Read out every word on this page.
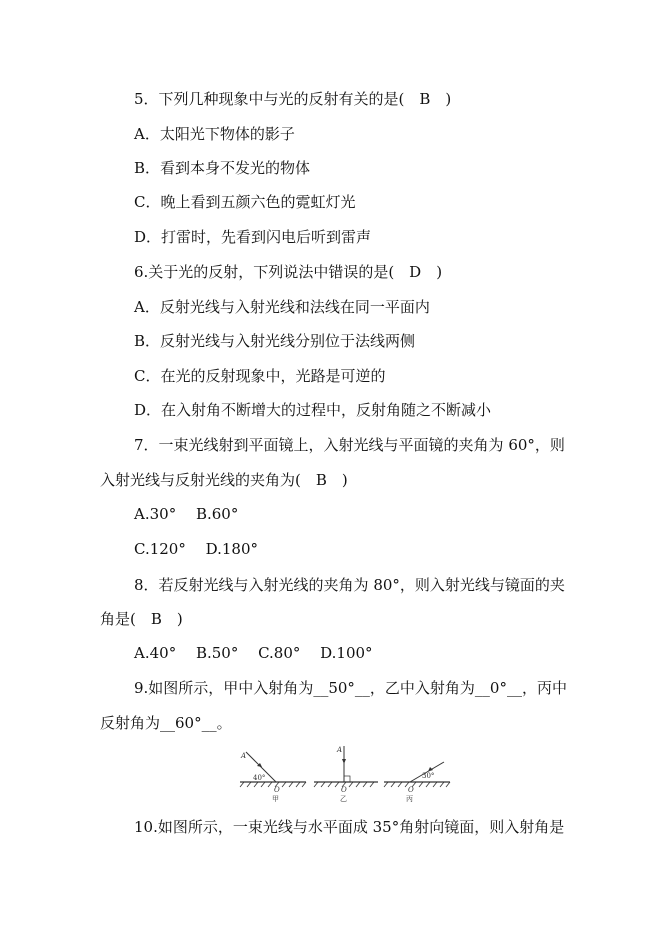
5．下列几种现象中与光的反射有关的是(　B　)
A．太阳光下物体的影子
B．看到本身不发光的物体
C．晚上看到五颜六色的霓虹灯光
D．打雷时，先看到闪电后听到雷声
6.关于光的反射，下列说法中错误的是(　D　)
A．反射光线与入射光线和法线在同一平面内
B．反射光线与入射光线分别位于法线两侧
C．在光的反射现象中，光路是可逆的
D．在入射角不断增大的过程中，反射角随之不断减小
7．一束光线射到平面镜上，入射光线与平面镜的夹角为 60°，则
入射光线与反射光线的夹角为(　B　)
A.30°　 B.60°
C.120°　 D.180°
8．若反射光线与入射光线的夹角为 80°，则入射光线与镜面的夹
角是(　B　)
A.40°　 B.50°　 C.80°　 D.100°
9.如图所示，甲中入射角为__50°__，乙中入射角为__0°__，丙中
反射角为__60°__。
A
40°
O
甲
A
O
乙
30°
O
丙
10.如图所示，一束光线与水平面成 35°角射向镜面，则入射角是
